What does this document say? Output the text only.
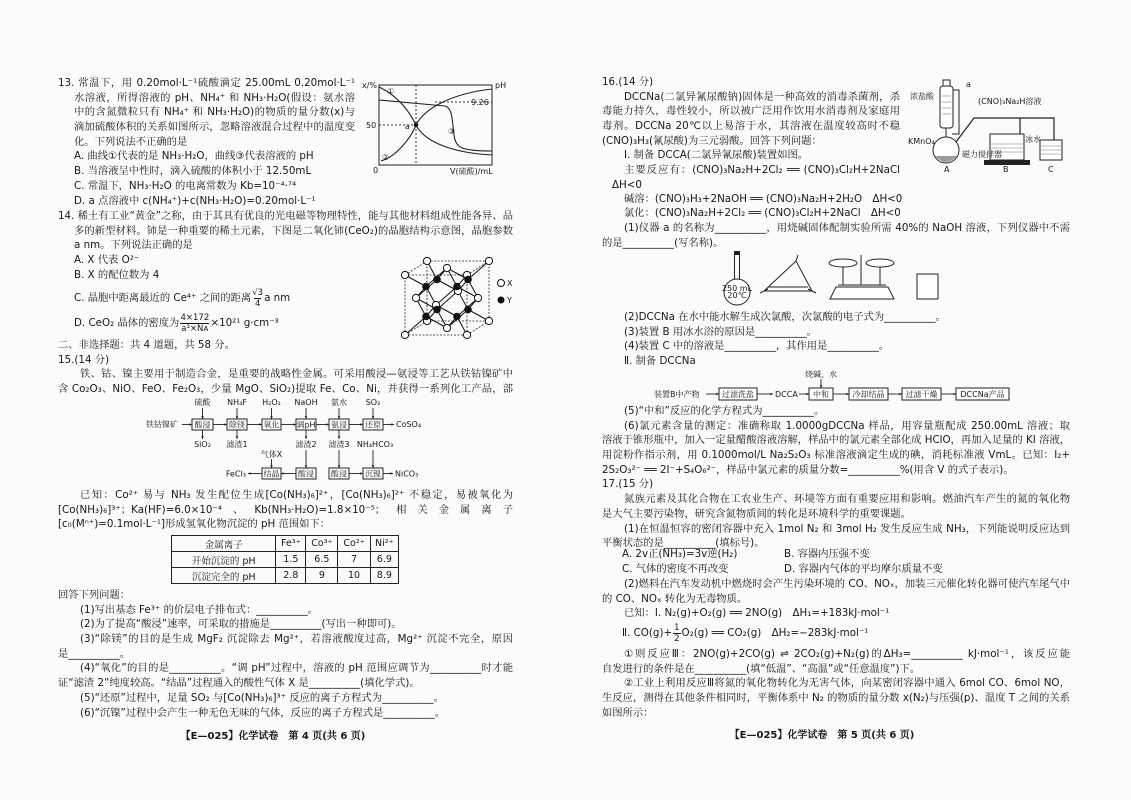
13. 常温下，用 0.20mol·L⁻¹硫酸滴定 25.00mL 0.20mol·L⁻¹
水溶液，所得溶液的 pH、NH₄⁺ 和 NH₃·H₂O(假设：氨水溶
中的含氮微粒只有 NH₄⁺ 和 NH₃·H₂O)的物质的量分数(x)与
滴加硫酸体积的关系如图所示，忽略溶液混合过程中的温度变
化。下列说法不正确的是
A. 曲线①代表的是 NH₃·H₂O，曲线③代表溶液的 pH
B. 当溶液呈中性时，滴入硫酸的体积小于 12.50mL
C. 常温下，NH₃·H₂O 的电离常数为 Kb=10⁻⁴·⁷⁴
D. a 点溶液中 c(NH₄⁺)+c(NH₃·H₂O)=0.20mol·L⁻¹
x/%	pH
9.26
50
0	V(硫酸)/mL
①
②
③
a
14. 稀土有工业“黄金”之称，由于其具有优良的光电磁等物理特性，能与其他材料组成性能各异、品
多的新型材料。铈是一种重要的稀土元素，下图是二氧化铈(CeO₂)的晶胞结构示意图，晶胞参数
a nm。下列说法正确的是
A. X 代表 O²⁻
B. X 的配位数为 4
C. 晶胞中距离最近的 Ce⁴⁺ 之间的距离 $\frac{√3}{4}$ a nm
D. CeO₂ 晶体的密度为 $\frac{4\times 172}{\text{a³×Nᴀ}} \times 10^{21}$ g·cm⁻³
X
Y
二、非选择题：共 4 道题，共 58 分。
15.(14 分)
铁、钴、镍主要用于制造合金，是重要的战略性金属。可采用酸浸—氨浸等工艺从铁钴镍矿中
含 Co₂O₃、NiO、FeO、Fe₂O₃，少量 MgO、SiO₂)提取 Fe、Co、Ni，并获得一系列化工产品，部
铁钴镍矿 酸浸 除镁 氧化 调pH 氨浸 还原
硫酸 NH₄F H₂O₂ NaOH 氨水 SO₂
SiO₂ 滤渣1	滤渣2 滤渣3
CoSO₄
气体X
NH₄HCO₃
结晶 酸浸 酸浸 沉镍
FeCl₃	NiCO₃
已知：Co²⁺ 易与 NH₃ 发生配位生成[Co(NH₃)₆]²⁺，[Co(NH₃)₆]²⁺ 不稳定，易被氧化为
[Co(NH₃)₆]³⁺；Ka(HF)=6.0×10⁻⁴、Kb(NH₃·H₂O)=1.8×10⁻⁵；相关金属离子
[c₀(Mⁿ⁺)=0.1mol·L⁻¹]形成氢氧化物沉淀的 pH 范围如下：
金属离子	Fe³⁺	Co³⁺	Co²⁺	Ni²⁺
开始沉淀的 pH	1.5	6.5	7	6.9
沉淀完全的 pH	2.8	9	10	8.9
回答下列问题：
(1)写出基态 Fe³⁺ 的价层电子排布式：__________。
(2)为了提高“酸浸”速率，可采取的措施是__________(写出一种即可)。
(3)“除镁”的目的是生成 MgF₂ 沉淀除去 Mg²⁺，若溶液酸度过高，Mg²⁺ 沉淀不完全，原因
是__________。
(4)“氧化”的目的是__________。“调 pH”过程中，溶液的 pH 范围应调节为__________时才能
证“滤渣 2”纯度较高。“结晶”过程通入的酸性气体 X 是__________(填化学式)。
(5)“还原”过程中，足量 SO₂ 与[Co(NH₃)₆]³⁺ 反应的离子方程式为__________。
(6)“沉镍”过程中会产生一种无色无味的气体，反应的离子方程式是__________。
【E—025】化学试卷　第 4 页(共 6 页)
16.(14 分)
DCCNa(二氯异氰尿酸钠)固体是一种高效的消毒杀菌剂，杀
毒能力持久，毒性较小，所以被广泛用作饮用水消毒剂及家庭用
毒剂。DCCNa 20℃以上易溶于水，其溶液在温度较高时不稳
(CNO)₃H₃(氰尿酸)为三元弱酸。回答下列问题：
Ⅰ. 制备 DCCA(二氯异氰尿酸)装置如图。
主要反应有：(CNO)₃Na₂H+2Cl₂ ══ (CNO)₃Cl₂H+2NaCl
ΔH<0
浓盐酸
a
(CNO)₃Na₂H溶液
KMnO₄	冰水
磁力搅拌器
A	B	C
碱溶：(CNO)₃H₃+2NaOH ══ (CNO)₃Na₂H+2H₂O　ΔH<0
氯化：(CNO)₃Na₂H+2Cl₂ ══ (CNO)₃Cl₂H+2NaCl　ΔH<0
(1)仪器 a 的名称为__________，用烧碱固体配制实验所需 40%的 NaOH 溶液，下列仪器中不需
的是__________(写名称)。
250 mL
20℃
(2)DCCNa 在水中能水解生成次氯酸，次氯酸的电子式为__________。
(3)装置 B 用冰水浴的原因是__________。
(4)装置 C 中的溶液是__________，其作用是__________。
Ⅱ. 制备 DCCNa
装置B中产物	过滤洗盐	DCCA 中和
烧碱、水
冷却结晶	过滤干燥	DCCNa产品
(5)“中和”反应的化学方程式为__________。
(6)氯元素含量的测定：准确称取 1.0000gDCCNa 样品，用容量瓶配成 250.00mL 溶液；取
溶液于锥形瓶中，加入一定量醋酸溶液溶解，样品中的氯元素全部化成 HClO，再加入足量的 KI 溶液，
用淀粉作指示剂，用 0.1000mol/L Na₂S₂O₃ 标准溶液滴定生成的碘，消耗标准液 VmL。已知：I₂+
2S₂O₃²⁻ ══ 2I⁻+S₄O₆²⁻，样品中氯元素的质量分数=__________%(用含 V 的式子表示)。
17.(15 分)
氮族元素及其化合物在工农业生产、环境等方面有重要应用和影响。燃油汽车产生的氮的氧化物
是大气主要污染物，研究含氮物质间的转化是环境科学的重要课题。
(1)在恒温恒容的密闭容器中充入 1mol N₂ 和 3mol H₂ 发生反应生成 NH₃，下列能说明反应达到
平衡状态的是__________(填标号)。
A. 2v正(NH₃)=3v逆(H₂)	B. 容器内压强不变
C. 气体的密度不再改变	D. 容器内气体的平均摩尔质量不变
(2)燃料在汽车发动机中燃烧时会产生污染环境的 CO、NOₓ，加装三元催化转化器可使汽车尾气中
的 CO、NOₓ 转化为无毒物质。
已知：Ⅰ. N₂(g)+O₂(g) ══ 2NO(g)　ΔH₁=+183kJ·mol⁻¹
Ⅱ. $CO(g)+ \frac{1}{2} O_2(g)$ ══ CO₂(g)　ΔH₂=−283kJ·mol⁻¹
①则反应Ⅲ：2NO(g)+2CO(g) ⇌ 2CO₂(g)+N₂(g)的ΔH₃=__________ kJ·mol⁻¹，该反应能
自发进行的条件是在__________(填“低温”、“高温”或“任意温度”)下。
②工业上利用反应Ⅲ将氮的氧化物转化为无害气体，向某密闭容器中通入 6mol CO、6mol NO，
生反应，测得在其他条件相同时，平衡体系中 N₂ 的物质的量分数 x(N₂)与压强(p)、温度 T 之间的关系
如图所示：
【E—025】化学试卷　第 5 页(共 6 页)
